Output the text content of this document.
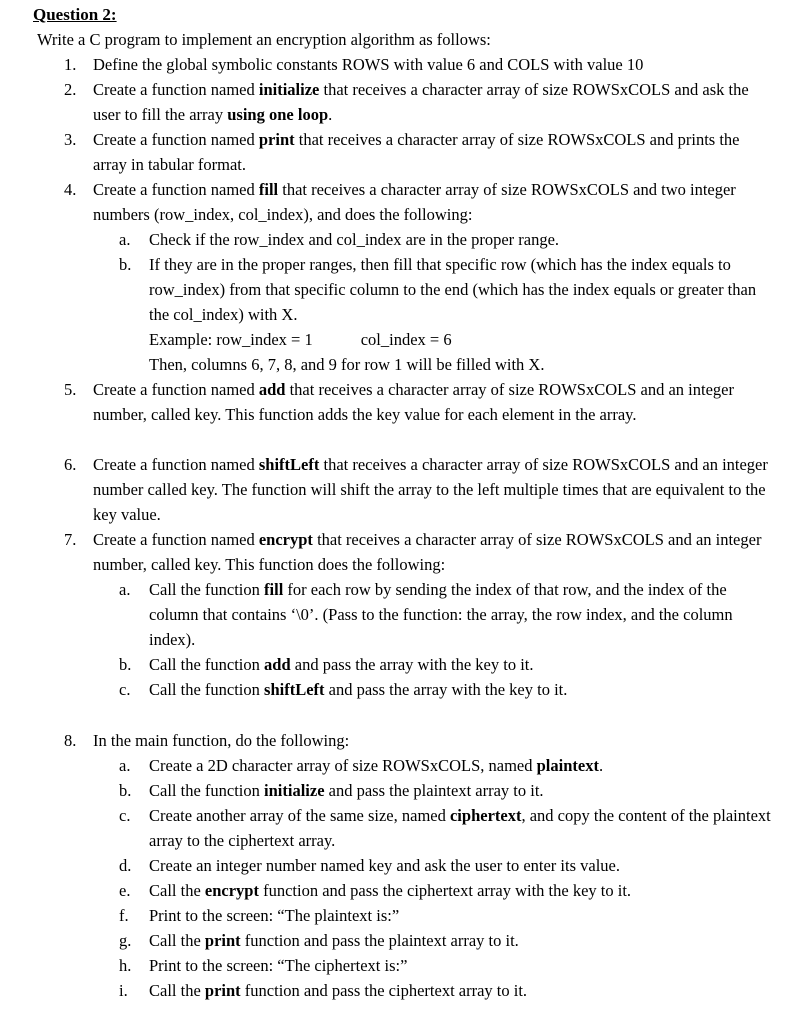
Question 2:
Write a C program to implement an encryption algorithm as follows:
1. Define the global symbolic constants ROWS with value 6 and COLS with value 10
2. Create a function named initialize that receives a character array of size ROWSxCOLS and ask the user to fill the array using one loop.
3. Create a function named print that receives a character array of size ROWSxCOLS and prints the array in tabular format.
4. Create a function named fill that receives a character array of size ROWSxCOLS and two integer numbers (row_index, col_index), and does the following:
a. Check if the row_index and col_index are in the proper range.
b. If they are in the proper ranges, then fill that specific row (which has the index equals to row_index) from that specific column to the end (which has the index equals or greater than the col_index) with X.
Example: row_index = 1	col_index = 6
Then, columns 6, 7, 8, and 9 for row 1 will be filled with X.
5. Create a function named add that receives a character array of size ROWSxCOLS and an integer number, called key. This function adds the key value for each element in the array.
6. Create a function named shiftLeft that receives a character array of size ROWSxCOLS and an integer number called key. The function will shift the array to the left multiple times that are equivalent to the key value.
7. Create a function named encrypt that receives a character array of size ROWSxCOLS and an integer number, called key. This function does the following:
a. Call the function fill for each row by sending the index of that row, and the index of the column that contains ‘\0’. (Pass to the function: the array, the row index, and the column index).
b. Call the function add and pass the array with the key to it.
c. Call the function shiftLeft and pass the array with the key to it.
8. In the main function, do the following:
a. Create a 2D character array of size ROWSxCOLS, named plaintext.
b. Call the function initialize and pass the plaintext array to it.
c. Create another array of the same size, named ciphertext, and copy the content of the plaintext array to the ciphertext array.
d. Create an integer number named key and ask the user to enter its value.
e. Call the encrypt function and pass the ciphertext array with the key to it.
f. Print to the screen: “The plaintext is:”
g. Call the print function and pass the plaintext array to it.
h. Print to the screen: “The ciphertext is:”
i. Call the print function and pass the ciphertext array to it.
